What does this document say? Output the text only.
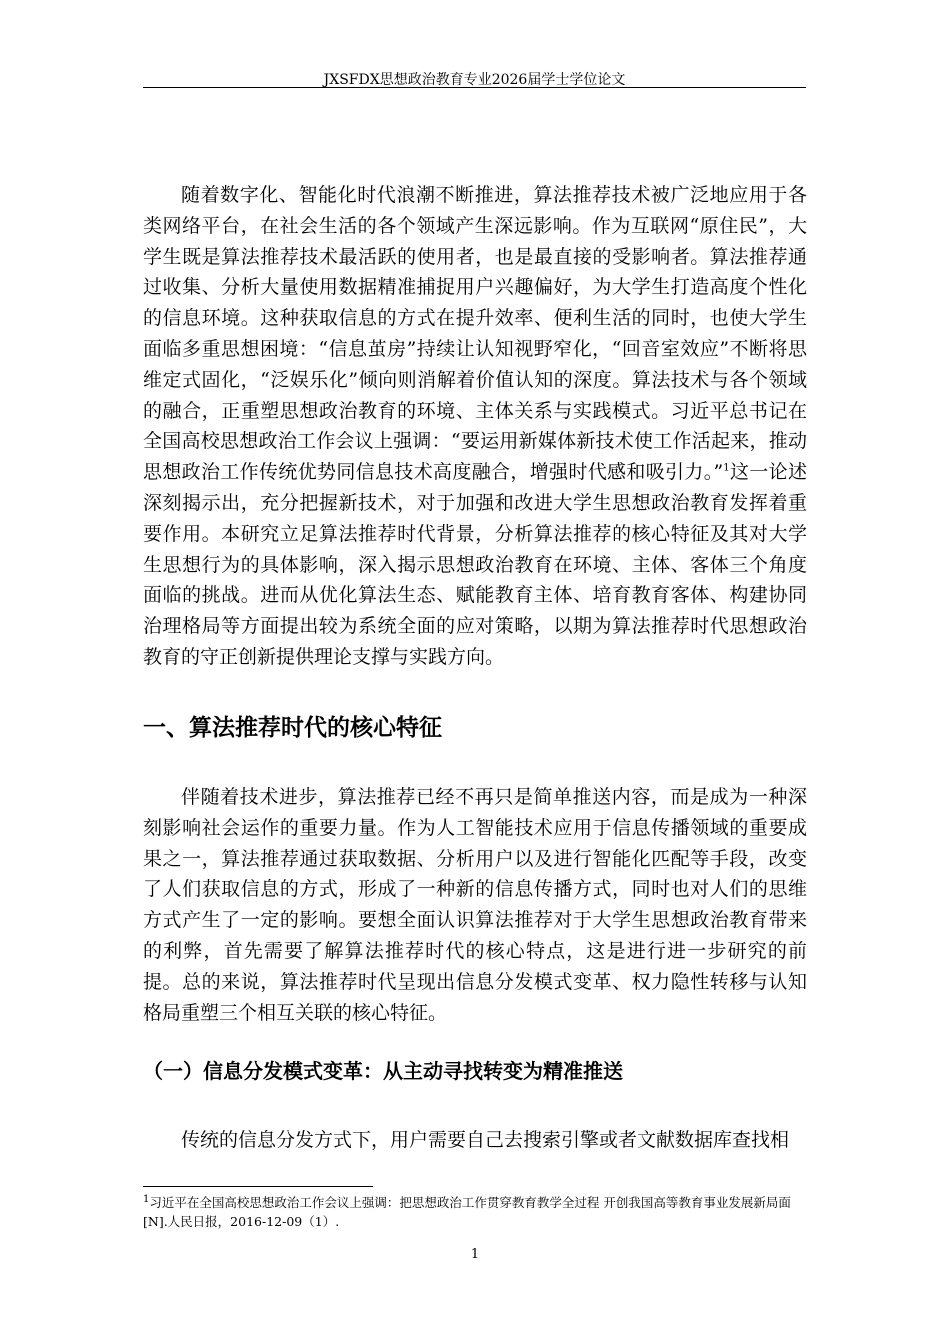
JXSFDX思想政治教育专业2026届学士学位论文

随着数字化、智能化时代浪潮不断推进，算法推荐技术被广泛地应用于各类网络平台，在社会生活的各个领域产生深远影响。作为互联网“原住民”，大学生既是算法推荐技术最活跃的使用者，也是最直接的受影响者。算法推荐通过收集、分析大量使用数据精准捕捉用户兴趣偏好，为大学生打造高度个性化的信息环境。这种获取信息的方式在提升效率、便利生活的同时，也使大学生面临多重思想困境：“信息茧房”持续让认知视野窄化，“回音室效应”不断将思维定式固化，“泛娱乐化”倾向则消解着价值认知的深度。算法技术与各个领域的融合，正重塑思想政治教育的环境、主体关系与实践模式。习近平总书记在全国高校思想政治工作会议上强调：“要运用新媒体新技术使工作活起来，推动思想政治工作传统优势同信息技术高度融合，增强时代感和吸引力。”$^1$这一论述深刻揭示出，充分把握新技术，对于加强和改进大学生思想政治教育发挥着重要作用。本研究立足算法推荐时代背景，分析算法推荐的核心特征及其对大学生思想行为的具体影响，深入揭示思想政治教育在环境、主体、客体三个角度面临的挑战。进而从优化算法生态、赋能教育主体、培育教育客体、构建协同治理格局等方面提出较为系统全面的应对策略，以期为算法推荐时代思想政治教育的守正创新提供理论支撑与实践方向。

一、算法推荐时代的核心特征

伴随着技术进步，算法推荐已经不再只是简单推送内容，而是成为一种深刻影响社会运作的重要力量。作为人工智能技术应用于信息传播领域的重要成果之一，算法推荐通过获取数据、分析用户以及进行智能化匹配等手段，改变了人们获取信息的方式，形成了一种新的信息传播方式，同时也对人们的思维方式产生了一定的影响。要想全面认识算法推荐对于大学生思想政治教育带来的利弊，首先需要了解算法推荐时代的核心特点，这是进行进一步研究的前提。总的来说，算法推荐时代呈现出信息分发模式变革、权力隐性转移与认知格局重塑三个相互关联的核心特征。

（一）信息分发模式变革：从主动寻找转变为精准推送

传统的信息分发方式下，用户需要自己去搜索引擎或者文献数据库查找相

$^1$习近平在全国高校思想政治工作会议上强调：把思想政治工作贯穿教育教学全过程 开创我国高等教育事业发展新局面[N].人民日报，2016-12-09（1）.

1
